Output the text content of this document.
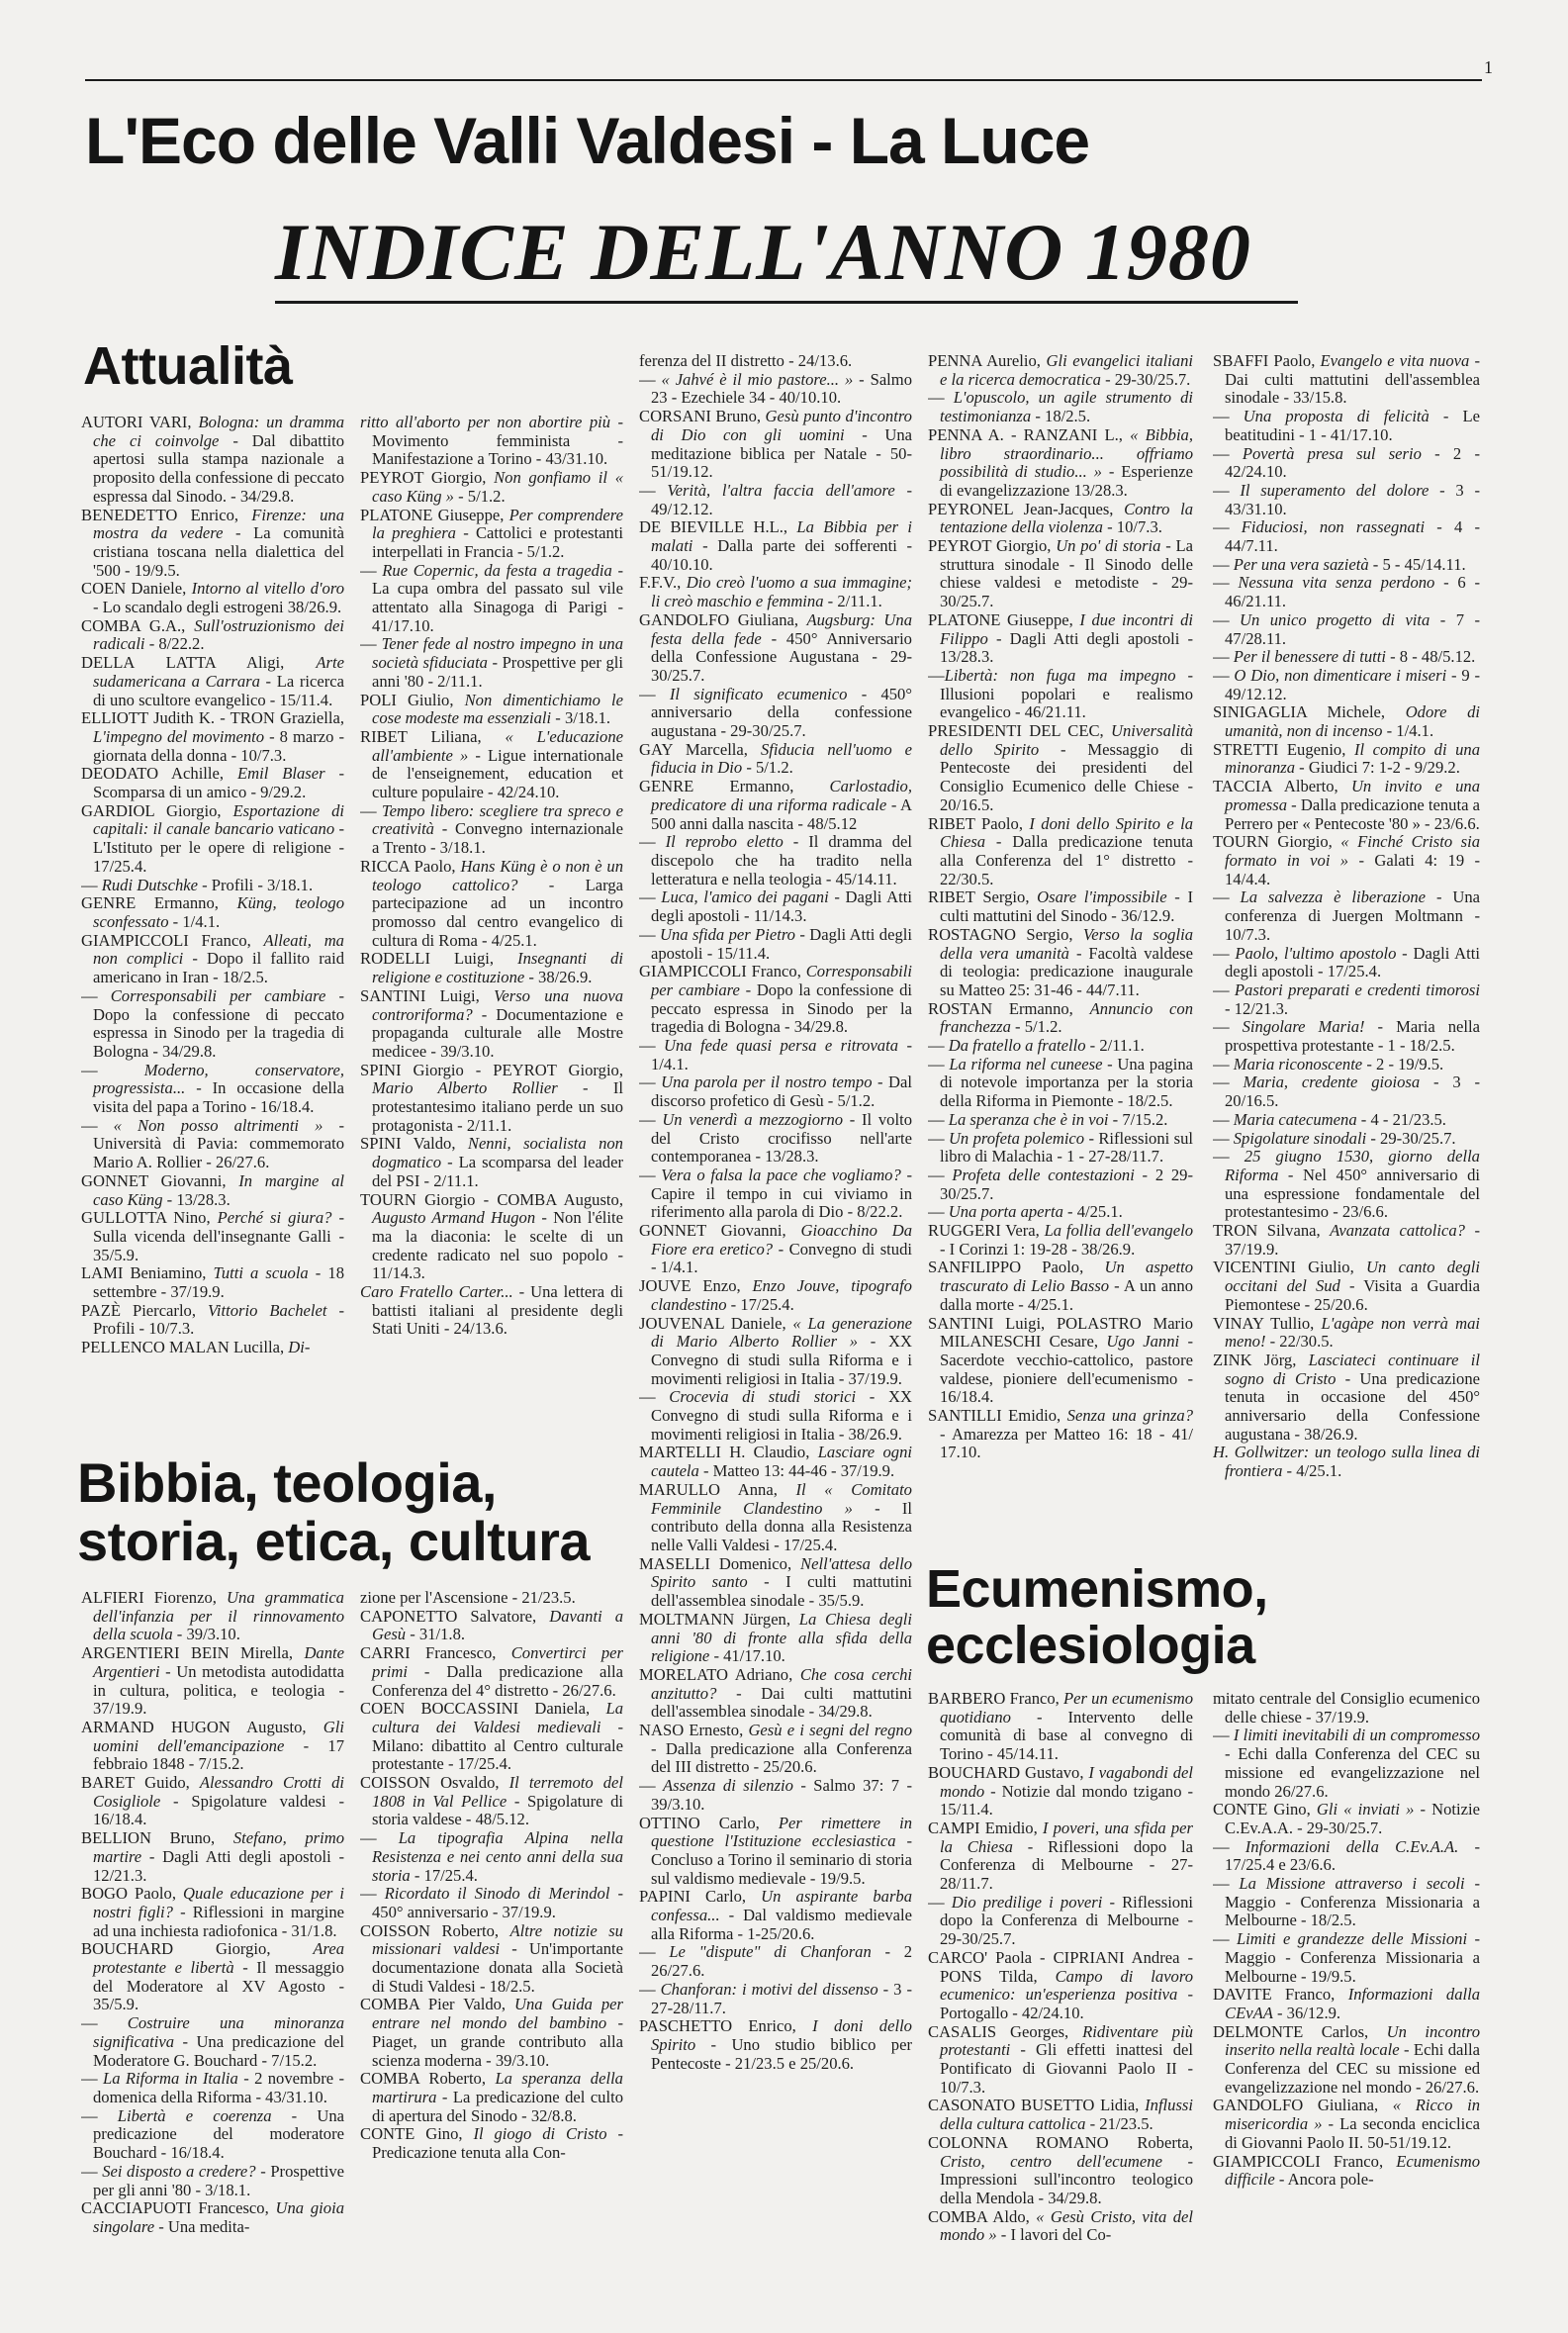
1
L'Eco delle Valli Valdesi - La Luce
INDICE DELL'ANNO 1980
Attualità
Bibbia, teologia, storia, etica, cultura
Ecumenismo, ecclesiologia
AUTORI VARI, Bologna: un dramma che ci coinvolge - Dal dibattito apertosi sulla stampa nazionale a proposito della confessione di peccato espressa dal Sinodo. - 34/29.8.
BENEDETTO Enrico, Firenze: una mostra da vedere - La comunità cristiana toscana nella dialettica del '500 - 19/9.5.
COEN Daniele, Intorno al vitello d'oro - Lo scandalo degli estrogeni 38/26.9.
COMBA G.A., Sull'ostruzionismo dei radicali - 8/22.2.
DELLA LATTA Aligi, Arte sudamericana a Carrara - La ricerca di uno scultore evangelico - 15/11.4.
ELLIOTT Judith K. - TRON Graziella, L'impegno del movimento - 8 marzo - giornata della donna - 10/7.3.
DEODATO Achille, Emil Blaser - Scomparsa di un amico - 9/29.2.
GARDIOL Giorgio, Esportazione di capitali: il canale bancario vaticano - L'Istituto per le opere di religione - 17/25.4.
— Rudi Dutschke - Profili - 3/18.1.
GENRE Ermanno, Küng, teologo sconfessato - 1/4.1.
GIAMPICCOLI Franco, Alleati, ma non complici - Dopo il fallito raid americano in Iran - 18/2.5.
— Corresponsabili per cambiare - Dopo la confessione di peccato espressa in Sinodo per la tragedia di Bologna - 34/29.8.
— Moderno, conservatore, progressista... - In occasione della visita del papa a Torino - 16/18.4.
— « Non posso altrimenti » - Università di Pavia: commemorato Mario A. Rollier - 26/27.6.
GONNET Giovanni, In margine al caso Küng - 13/28.3.
GULLOTTA Nino, Perché si giura? - Sulla vicenda dell'insegnante Galli - 35/5.9.
LAMI Beniamino, Tutti a scuola - 18 settembre - 37/19.9.
PAZÈ Piercarlo, Vittorio Bachelet - Profili - 10/7.3.
PELLENCO MALAN Lucilla, Di-
ritto all'aborto per non abortire più - Movimento femminista - Manifestazione a Torino - 43/31.10.
PEYROT Giorgio, Non gonfiamo il « caso Küng » - 5/1.2.
PLATONE Giuseppe, Per comprendere la preghiera - Cattolici e protestanti interpellati in Francia - 5/1.2.
— Rue Copernic, da festa a tragedia - La cupa ombra del passato sul vile attentato alla Sinagoga di Parigi - 41/17.10.
— Tener fede al nostro impegno in una società sfiduciata - Prospettive per gli anni '80 - 2/11.1.
POLI Giulio, Non dimentichiamo le cose modeste ma essenziali - 3/18.1.
RIBET Liliana, « L'educazione all'ambiente » - Ligue internationale de l'enseignement, education et culture populaire - 42/24.10.
— Tempo libero: scegliere tra spreco e creatività - Convegno internazionale a Trento - 3/18.1.
RICCA Paolo, Hans Küng è o non è un teologo cattolico? - Larga partecipazione ad un incontro promosso dal centro evangelico di cultura di Roma - 4/25.1.
RODELLI Luigi, Insegnanti di religione e costituzione - 38/26.9.
SANTINI Luigi, Verso una nuova controriforma? - Documentazione e propaganda culturale alle Mostre medicee - 39/3.10.
SPINI Giorgio - PEYROT Giorgio, Mario Alberto Rollier - Il protestantesimo italiano perde un suo protagonista - 2/11.1.
SPINI Valdo, Nenni, socialista non dogmatico - La scomparsa del leader del PSI - 2/11.1.
TOURN Giorgio - COMBA Augusto, Augusto Armand Hugon - Non l'élite ma la diaconia: le scelte di un credente radicato nel suo popolo - 11/14.3.
Caro Fratello Carter... - Una lettera di battisti italiani al presidente degli Stati Uniti - 24/13.6.
ALFIERI Fiorenzo, Una grammatica dell'infanzia per il rinnovamento della scuola - 39/3.10.
ARGENTIERI BEIN Mirella, Dante Argentieri - Un metodista autodidatta in cultura, politica, e teologia - 37/19.9.
ARMAND HUGON Augusto, Gli uomini dell'emancipazione - 17 febbraio 1848 - 7/15.2.
BARET Guido, Alessandro Crotti di Cosigliole - Spigolature valdesi - 16/18.4.
BELLION Bruno, Stefano, primo martire - Dagli Atti degli apostoli - 12/21.3.
BOGO Paolo, Quale educazione per i nostri figli? - Riflessioni in margine ad una inchiesta radiofonica - 31/1.8.
BOUCHARD Giorgio, Area protestante e libertà - Il messaggio del Moderatore al XV Agosto - 35/5.9.
— Costruire una minoranza significativa - Una predicazione del Moderatore G. Bouchard - 7/15.2.
— La Riforma in Italia - 2 novembre - domenica della Riforma - 43/31.10.
— Libertà e coerenza - Una predicazione del moderatore Bouchard - 16/18.4.
— Sei disposto a credere? - Prospettive per gli anni '80 - 3/18.1.
CACCIAPUOTI Francesco, Una gioia singolare - Una medita-
zione per l'Ascensione - 21/23.5.
CAPONETTO Salvatore, Davanti a Gesù - 31/1.8.
CARRI Francesco, Convertirci per primi - Dalla predicazione alla Conferenza del 4° distretto - 26/27.6.
COEN BOCCASSINI Daniela, La cultura dei Valdesi medievali - Milano: dibattito al Centro culturale protestante - 17/25.4.
COISSON Osvaldo, Il terremoto del 1808 in Val Pellice - Spigolature di storia valdese - 48/5.12.
— La tipografia Alpina nella Resistenza e nei cento anni della sua storia - 17/25.4.
— Ricordato il Sinodo di Merindol - 450° anniversario - 37/19.9.
COISSON Roberto, Altre notizie su missionari valdesi - Un'importante documentazione donata alla Società di Studi Valdesi - 18/2.5.
COMBA Pier Valdo, Una Guida per entrare nel mondo del bambino - Piaget, un grande contributo alla scienza moderna - 39/3.10.
COMBA Roberto, La speranza della martirura - La predicazione del culto di apertura del Sinodo - 32/8.8.
CONTE Gino, Il giogo di Cristo - Predicazione tenuta alla Con-
ferenza del II distretto - 24/13.6.
— « Jahvé è il mio pastore... » - Salmo 23 - Ezechiele 34 - 40/10.10.
CORSANI Bruno, Gesù punto d'incontro di Dio con gli uomini - Una meditazione biblica per Natale - 50-51/19.12.
— Verità, l'altra faccia dell'amore - 49/12.12.
DE BIEVILLE H.L., La Bibbia per i malati - Dalla parte dei sofferenti - 40/10.10.
F.F.V., Dio creò l'uomo a sua immagine; li creò maschio e femmina - 2/11.1.
GANDOLFO Giuliana, Augsburg: Una festa della fede - 450° Anniversario della Confessione Augustana - 29-30/25.7.
— Il significato ecumenico - 450° anniversario della confessione augustana - 29-30/25.7.
GAY Marcella, Sfiducia nell'uomo e fiducia in Dio - 5/1.2.
GENRE Ermanno, Carlostadio, predicatore di una riforma radicale - A 500 anni dalla nascita - 48/5.12
— Il reprobo eletto - Il dramma del discepolo che ha tradito nella letteratura e nella teologia - 45/14.11.
— Luca, l'amico dei pagani - Dagli Atti degli apostoli - 11/14.3.
— Una sfida per Pietro - Dagli Atti degli apostoli - 15/11.4.
GIAMPICCOLI Franco, Corresponsabili per cambiare - Dopo la confessione di peccato espressa in Sinodo per la tragedia di Bologna - 34/29.8.
— Una fede quasi persa e ritrovata - 1/4.1.
— Una parola per il nostro tempo - Dal discorso profetico di Gesù - 5/1.2.
— Un venerdì a mezzogiorno - Il volto del Cristo crocifisso nell'arte contemporanea - 13/28.3.
— Vera o falsa la pace che vogliamo? - Capire il tempo in cui viviamo in riferimento alla parola di Dio - 8/22.2.
GONNET Giovanni, Gioacchino Da Fiore era eretico? - Convegno di studi - 1/4.1.
JOUVE Enzo, Enzo Jouve, tipografo clandestino - 17/25.4.
JOUVENAL Daniele, « La generazione di Mario Alberto Rollier » - XX Convegno di studi sulla Riforma e i movimenti religiosi in Italia - 37/19.9.
— Crocevia di studi storici - XX Convegno di studi sulla Riforma e i movimenti religiosi in Italia - 38/26.9.
MARTELLI H. Claudio, Lasciare ogni cautela - Matteo 13: 44-46 - 37/19.9.
MARULLO Anna, Il « Comitato Femminile Clandestino » - Il contributo della donna alla Resistenza nelle Valli Valdesi - 17/25.4.
MASELLI Domenico, Nell'attesa dello Spirito santo - I culti mattutini dell'assemblea sinodale - 35/5.9.
MOLTMANN Jürgen, La Chiesa degli anni '80 di fronte alla sfida della religione - 41/17.10.
MORELATO Adriano, Che cosa cerchi anzitutto? - Dai culti mattutini dell'assemblea sinodale - 34/29.8.
NASO Ernesto, Gesù e i segni del regno - Dalla predicazione alla Conferenza del III distretto - 25/20.6.
— Assenza di silenzio - Salmo 37: 7 - 39/3.10.
OTTINO Carlo, Per rimettere in questione l'Istituzione ecclesiastica - Concluso a Torino il seminario di storia sul valdismo medievale - 19/9.5.
PAPINI Carlo, Un aspirante barba confessa... - Dal valdismo medievale alla Riforma - 1-25/20.6.
— Le "dispute" di Chanforan - 2 26/27.6.
— Chanforan: i motivi del dissenso - 3 - 27-28/11.7.
PASCHETTO Enrico, I doni dello Spirito - Uno studio biblico per Pentecoste - 21/23.5 e 25/20.6.
PENNA Aurelio, Gli evangelici italiani e la ricerca democratica - 29-30/25.7.
— L'opuscolo, un agile strumento di testimonianza - 18/2.5.
PENNA A. - RANZANI L., « Bibbia, libro straordinario... offriamo possibilità di studio... » - Esperienze di evangelizzazione 13/28.3.
PEYRONEL Jean-Jacques, Contro la tentazione della violenza - 10/7.3.
PEYROT Giorgio, Un po' di storia - La struttura sinodale - Il Sinodo delle chiese valdesi e metodiste - 29-30/25.7.
PLATONE Giuseppe, I due incontri di Filippo - Dagli Atti degli apostoli - 13/28.3.
—Libertà: non fuga ma impegno - Illusioni popolari e realismo evangelico - 46/21.11.
PRESIDENTI DEL CEC, Universalità dello Spirito - Messaggio di Pentecoste dei presidenti del Consiglio Ecumenico delle Chiese - 20/16.5.
RIBET Paolo, I doni dello Spirito e la Chiesa - Dalla predicazione tenuta alla Conferenza del 1° distretto - 22/30.5.
RIBET Sergio, Osare l'impossibile - I culti mattutini del Sinodo - 36/12.9.
ROSTAGNO Sergio, Verso la soglia della vera umanità - Facoltà valdese di teologia: predicazione inaugurale su Matteo 25: 31-46 - 44/7.11.
ROSTAN Ermanno, Annuncio con franchezza - 5/1.2.
— Da fratello a fratello - 2/11.1.
— La riforma nel cuneese - Una pagina di notevole importanza per la storia della Riforma in Piemonte - 18/2.5.
— La speranza che è in voi - 7/15.2.
— Un profeta polemico - Riflessioni sul libro di Malachia - 1 - 27-28/11.7.
— Profeta delle contestazioni - 2 29-30/25.7.
— Una porta aperta - 4/25.1.
RUGGERI Vera, La follia dell'evangelo - I Corinzi 1: 19-28 - 38/26.9.
SANFILIPPO Paolo, Un aspetto trascurato di Lelio Basso - A un anno dalla morte - 4/25.1.
SANTINI Luigi, POLASTRO Mario MILANESCHI Cesare, Ugo Janni - Sacerdote vecchio-cattolico, pastore valdese, pioniere dell'ecumenismo - 16/18.4.
SANTILLI Emidio, Senza una grinza? - Amarezza per Matteo 16: 18 - 41/ 17.10.
SBAFFI Paolo, Evangelo e vita nuova - Dai culti mattutini dell'assemblea sinodale - 33/15.8.
— Una proposta di felicità - Le beatitudini - 1 - 41/17.10.
— Povertà presa sul serio - 2 - 42/24.10.
— Il superamento del dolore - 3 - 43/31.10.
— Fiduciosi, non rassegnati - 4 - 44/7.11.
— Per una vera sazietà - 5 - 45/14.11.
— Nessuna vita senza perdono - 6 - 46/21.11.
— Un unico progetto di vita - 7 - 47/28.11.
— Per il benessere di tutti - 8 - 48/5.12.
— O Dio, non dimenticare i miseri - 9 - 49/12.12.
SINIGAGLIA Michele, Odore di umanità, non di incenso - 1/4.1.
STRETTI Eugenio, Il compito di una minoranza - Giudici 7: 1-2 - 9/29.2.
TACCIA Alberto, Un invito e una promessa - Dalla predicazione tenuta a Perrero per « Pentecoste '80 » - 23/6.6.
TOURN Giorgio, « Finché Cristo sia formato in voi » - Galati 4: 19 - 14/4.4.
— La salvezza è liberazione - Una conferenza di Juergen Moltmann - 10/7.3.
— Paolo, l'ultimo apostolo - Dagli Atti degli apostoli - 17/25.4.
— Pastori preparati e credenti timorosi - 12/21.3.
— Singolare Maria! - Maria nella prospettiva protestante - 1 - 18/2.5.
— Maria riconoscente - 2 - 19/9.5.
— Maria, credente gioiosa - 3 - 20/16.5.
— Maria catecumena - 4 - 21/23.5.
— Spigolature sinodali - 29-30/25.7.
— 25 giugno 1530, giorno della Riforma - Nel 450° anniversario di una espressione fondamentale del protestantesimo - 23/6.6.
TRON Silvana, Avanzata cattolica? - 37/19.9.
VICENTINI Giulio, Un canto degli occitani del Sud - Visita a Guardia Piemontese - 25/20.6.
VINAY Tullio, L'agàpe non verrà mai meno! - 22/30.5.
ZINK Jörg, Lasciateci continuare il sogno di Cristo - Una predicazione tenuta in occasione del 450° anniversario della Confessione augustana - 38/26.9.
H. Gollwitzer: un teologo sulla linea di frontiera - 4/25.1.
BARBERO Franco, Per un ecumenismo quotidiano - Intervento delle comunità di base al convegno di Torino - 45/14.11.
BOUCHARD Gustavo, I vagabondi del mondo - Notizie dal mondo tzigano - 15/11.4.
CAMPI Emidio, I poveri, una sfida per la Chiesa - Riflessioni dopo la Conferenza di Melbourne - 27-28/11.7.
— Dio predilige i poveri - Riflessioni dopo la Conferenza di Melbourne - 29-30/25.7.
CARCO' Paola - CIPRIANI Andrea - PONS Tilda, Campo di lavoro ecumenico: un'esperienza positiva - Portogallo - 42/24.10.
CASALIS Georges, Ridiventare più protestanti - Gli effetti inattesi del Pontificato di Giovanni Paolo II - 10/7.3.
CASONATO BUSETTO Lidia, Influssi della cultura cattolica - 21/23.5.
COLONNA ROMANO Roberta, Cristo, centro dell'ecumene - Impressioni sull'incontro teologico della Mendola - 34/29.8.
COMBA Aldo, « Gesù Cristo, vita del mondo » - I lavori del Co-
mitato centrale del Consiglio ecumenico delle chiese - 37/19.9.
— I limiti inevitabili di un compromesso - Echi dalla Conferenza del CEC su missione ed evangelizzazione nel mondo 26/27.6.
CONTE Gino, Gli « inviati » - Notizie C.Ev.A.A. - 29-30/25.7.
— Informazioni della C.Ev.A.A. - 17/25.4 e 23/6.6.
— La Missione attraverso i secoli - Maggio - Conferenza Missionaria a Melbourne - 18/2.5.
— Limiti e grandezze delle Missioni - Maggio - Conferenza Missionaria a Melbourne - 19/9.5.
DAVITE Franco, Informazioni dalla CEvAA - 36/12.9.
DELMONTE Carlos, Un incontro inserito nella realtà locale - Echi dalla Conferenza del CEC su missione ed evangelizzazione nel mondo - 26/27.6.
GANDOLFO Giuliana, « Ricco in misericordia » - La seconda enciclica di Giovanni Paolo II. 50-51/19.12.
GIAMPICCOLI Franco, Ecumenismo difficile - Ancora pole-
